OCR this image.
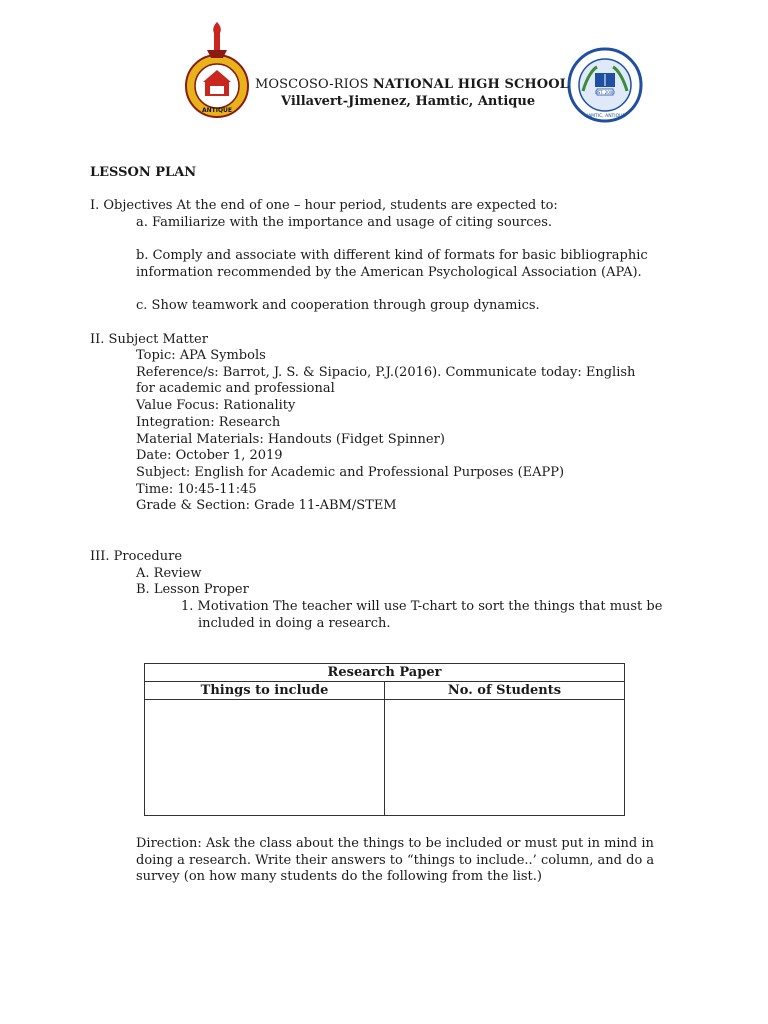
ANTIQUE
EST. 2000
HAMTIC, ANTIQUE
MOSCOSO-RIOS NATIONAL HIGH SCHOOL
Villavert-Jimenez, Hamtic, Antique
LESSON PLAN
I. Objectives At the end of one – hour period, students are expected to:
a. Familiarize with the importance and usage of citing sources.
b. Comply and associate with different kind of formats for basic bibliographic
information recommended by the American Psychological Association (APA).
c. Show teamwork and cooperation through group dynamics.
II. Subject Matter
Topic: APA Symbols
Reference/s: Barrot, J. S. & Sipacio, P.J.(2016). Communicate today: English
for academic and professional
Value Focus: Rationality
Integration: Research
Material Materials: Handouts (Fidget Spinner)
Date: October 1, 2019
Subject: English for Academic and Professional Purposes (EAPP)
Time: 10:45-11:45
Grade & Section: Grade 11-ABM/STEM
III. Procedure
A. Review
B. Lesson Proper
1. Motivation The teacher will use T-chart to sort the things that must be
included in doing a research.
Research Paper	
Things to include	No. of Students

Direction: Ask the class about the things to be included or must put in mind in
doing a research. Write their answers to “things to include..’ column, and do a
survey (on how many students do the following from the list.)
